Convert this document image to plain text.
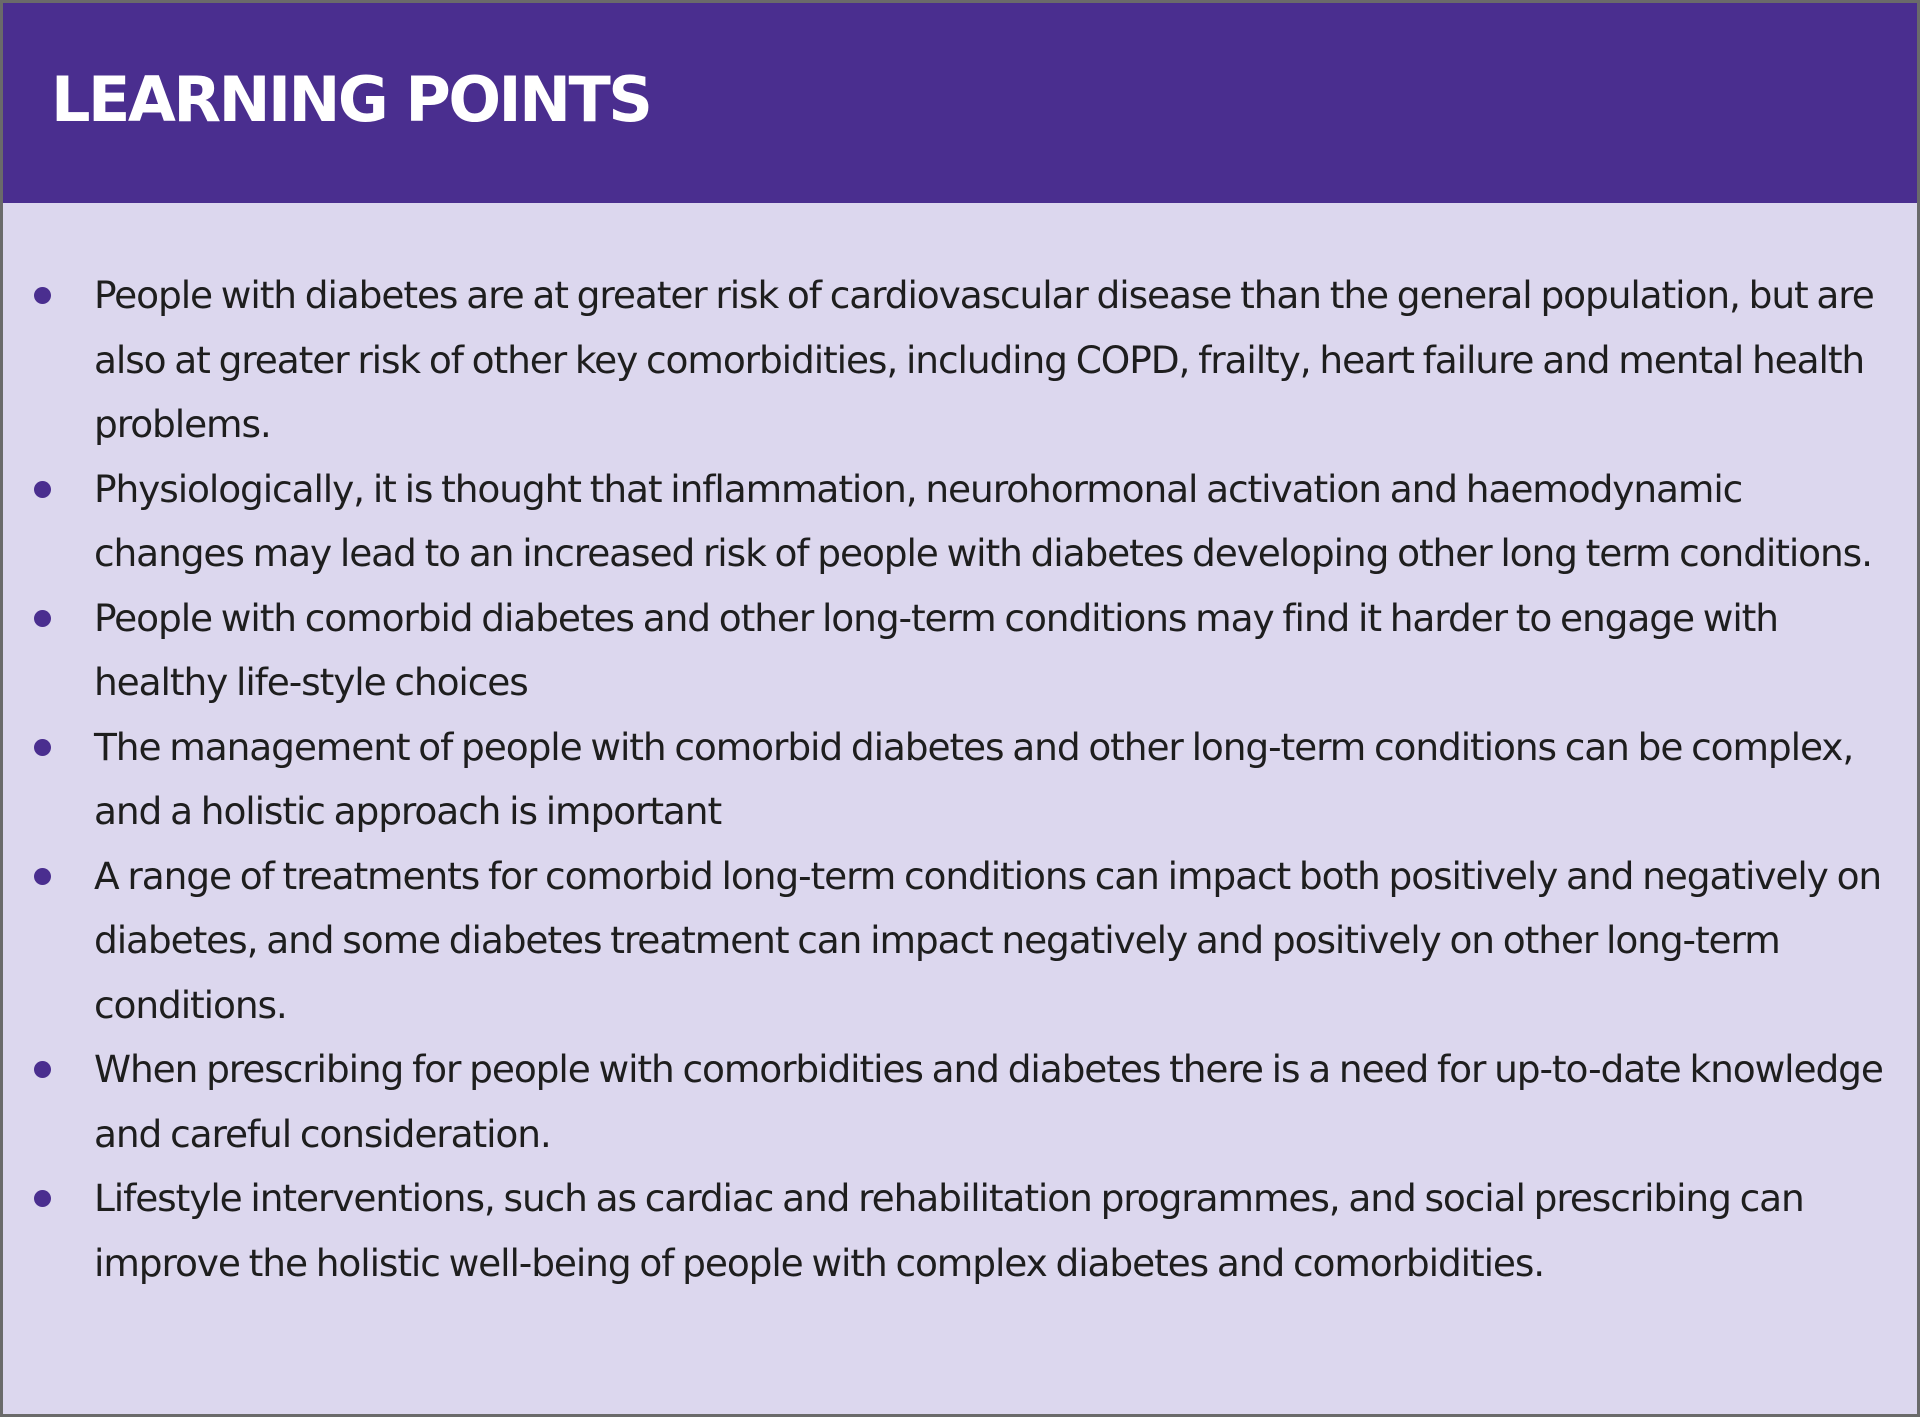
LEARNING POINTS
People with diabetes are at greater risk of cardiovascular disease than the general population, but are also at greater risk of other key comorbidities, including COPD, frailty, heart failure and mental health problems.
Physiologically, it is thought that inflammation, neurohormonal activation and haemodynamic changes may lead to an increased risk of people with diabetes developing other long term conditions.
People with comorbid diabetes and other long-term conditions may find it harder to engage with healthy life-style choices
The management of people with comorbid diabetes and other long-term conditions can be complex, and a holistic approach is important
A range of treatments for comorbid long-term conditions can impact both positively and negatively on diabetes, and some diabetes treatment can impact negatively and positively on other long-term conditions.
When prescribing for people with comorbidities and diabetes there is a need for up-to-date knowledge and careful consideration.
Lifestyle interventions, such as cardiac and rehabilitation programmes, and social prescribing can improve the holistic well-being of people with complex diabetes and comorbidities.
